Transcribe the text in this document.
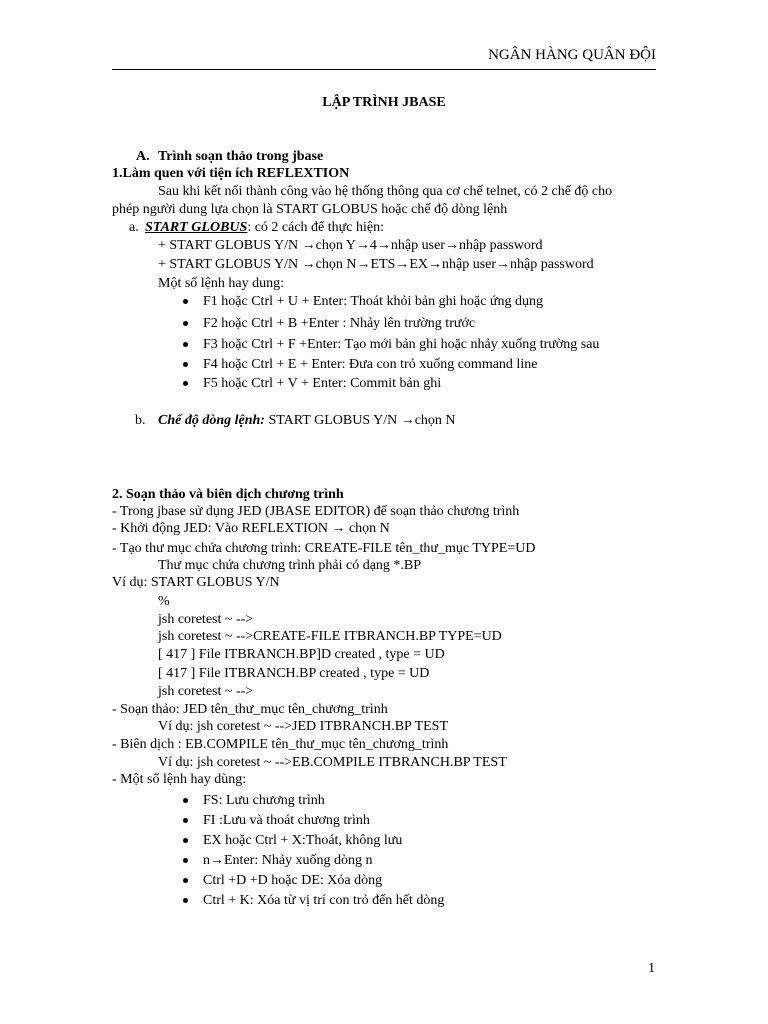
NGÂN HÀNG QUÂN ĐỘI
LẬP TRÌNH JBASE
A. Trình soạn thảo trong jbase
1.Làm quen với tiện ích REFLEXTION
Sau khi kết nối thành công vào hệ thống thông qua cơ chế telnet, có 2 chế độ cho
phép người dung lựa chọn là START GLOBUS hoặc chế độ dòng lệnh
a. START GLOBUS: có 2 cách để thực hiện:
+ START GLOBUS Y/N →chọn Y→4→nhập user→nhập password
+ START GLOBUS Y/N →chọn N→ETS→EX→nhập user→nhập password
Một số lệnh hay dung:
F1 hoặc Ctrl + U + Enter: Thoát khỏi bản ghi hoặc ứng dụng
F2 hoặc Ctrl + B +Enter : Nhảy lên trường trước
F3 hoặc Ctrl + F +Enter: Tạo mới bản ghi hoặc nhảy xuống trường sau
F4 hoặc Ctrl + E + Enter: Đưa con trỏ xuống command line
F5 hoặc Ctrl + V + Enter: Commit bản ghi
b. Chế độ dòng lệnh: START GLOBUS Y/N →chọn N
2. Soạn thảo và biên dịch chương trình
- Trong jbase sử dụng JED (JBASE EDITOR) để soạn thảo chương trình
- Khởi động JED: Vào REFLEXTION → chọn N
- Tạo thư mục chứa chương trình: CREATE-FILE tên_thư_mục TYPE=UD
Thư mục chứa chương trình phải có dạng *.BP
Ví dụ: START GLOBUS Y/N
%
jsh coretest ~ -->
jsh coretest ~ -->CREATE-FILE ITBRANCH.BP TYPE=UD
[ 417 ] File ITBRANCH.BP]D created , type = UD
[ 417 ] File ITBRANCH.BP created , type = UD
jsh coretest ~ -->
- Soạn thảo: JED tên_thư_mục tên_chương_trình
Ví dụ: jsh coretest ~ -->JED ITBRANCH.BP TEST
- Biên dịch : EB.COMPILE tên_thư_mục tên_chương_trình
Ví dụ: jsh coretest ~ -->EB.COMPILE ITBRANCH.BP TEST
- Một số lệnh hay dùng:
FS: Lưu chương trình
FI :Lưu và thoát chương trình
EX hoặc Ctrl + X:Thoát, không lưu
n→Enter: Nhảy xuống dòng n
Ctrl +D +D hoặc DE: Xóa dòng
Ctrl + K: Xóa từ vị trí con trỏ đến hết dòng
1
